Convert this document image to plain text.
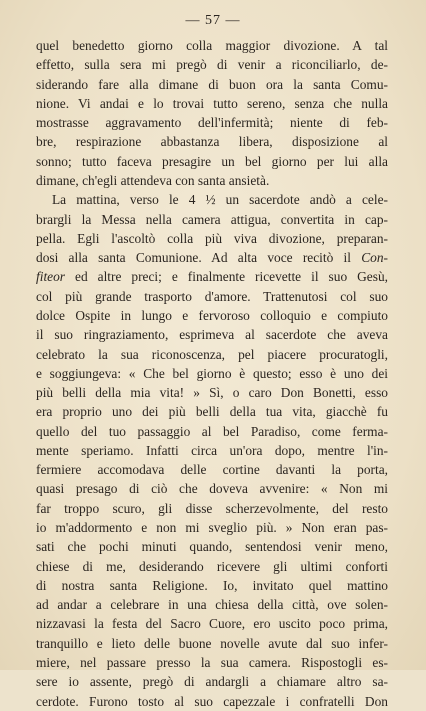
— 57 —
quel benedetto giorno colla maggior divozione. A tal
effetto, sulla sera mi pregò di venir a riconciliarlo, de-
siderando fare alla dimane di buon ora la santa Comu-
nione. Vi andai e lo trovai tutto sereno, senza che nulla
mostrasse aggravamento dell'infermità; niente di feb-
bre, respirazione abbastanza libera, disposizione al
sonno; tutto faceva presagire un bel giorno per lui alla
dimane, ch'egli attendeva con santa ansietà.
La mattina, verso le 4 ½ un sacerdote andò a cele-
brargli la Messa nella camera attigua, convertita in cap-
pella. Egli l'ascoltò colla più viva divozione, preparan-
dosi alla santa Comunione. Ad alta voce recitò il Con-
fiteor ed altre preci; e finalmente ricevette il suo Gesù,
col più grande trasporto d'amore. Trattenutosi col suo
dolce Ospite in lungo e fervoroso colloquio e compiuto
il suo ringraziamento, esprimeva al sacerdote che aveva
celebrato la sua riconoscenza, pel piacere procuratogli,
e soggiungeva: « Che bel giorno è questo; esso è uno dei
più belli della mia vita! » Sì, o caro Don Bonetti, esso
era proprio uno dei più belli della tua vita, giacchè fu
quello del tuo passaggio al bel Paradiso, come ferma-
mente speriamo. Infatti circa un'ora dopo, mentre l'in-
fermiere accomodava delle cortine davanti la porta,
quasi presago di ciò che doveva avvenire: « Non mi
far troppo scuro, gli disse scherzevolmente, del resto
io m'addormento e non mi sveglio più. » Non eran pas-
sati che pochi minuti quando, sentendosi venir meno,
chiese di me, desiderando ricevere gli ultimi conforti
di nostra santa Religione. Io, invitato quel mattino
ad andar a celebrare in una chiesa della città, ove solen-
nizzavasi la festa del Sacro Cuore, ero uscito poco prima,
tranquillo e lieto delle buone novelle avute dal suo infer-
miere, nel passare presso la sua camera. Rispostogli es-
sere io assente, pregò di andargli a chiamare altro sa-
cerdote. Furono tosto al suo capezzale i confratelli Don
